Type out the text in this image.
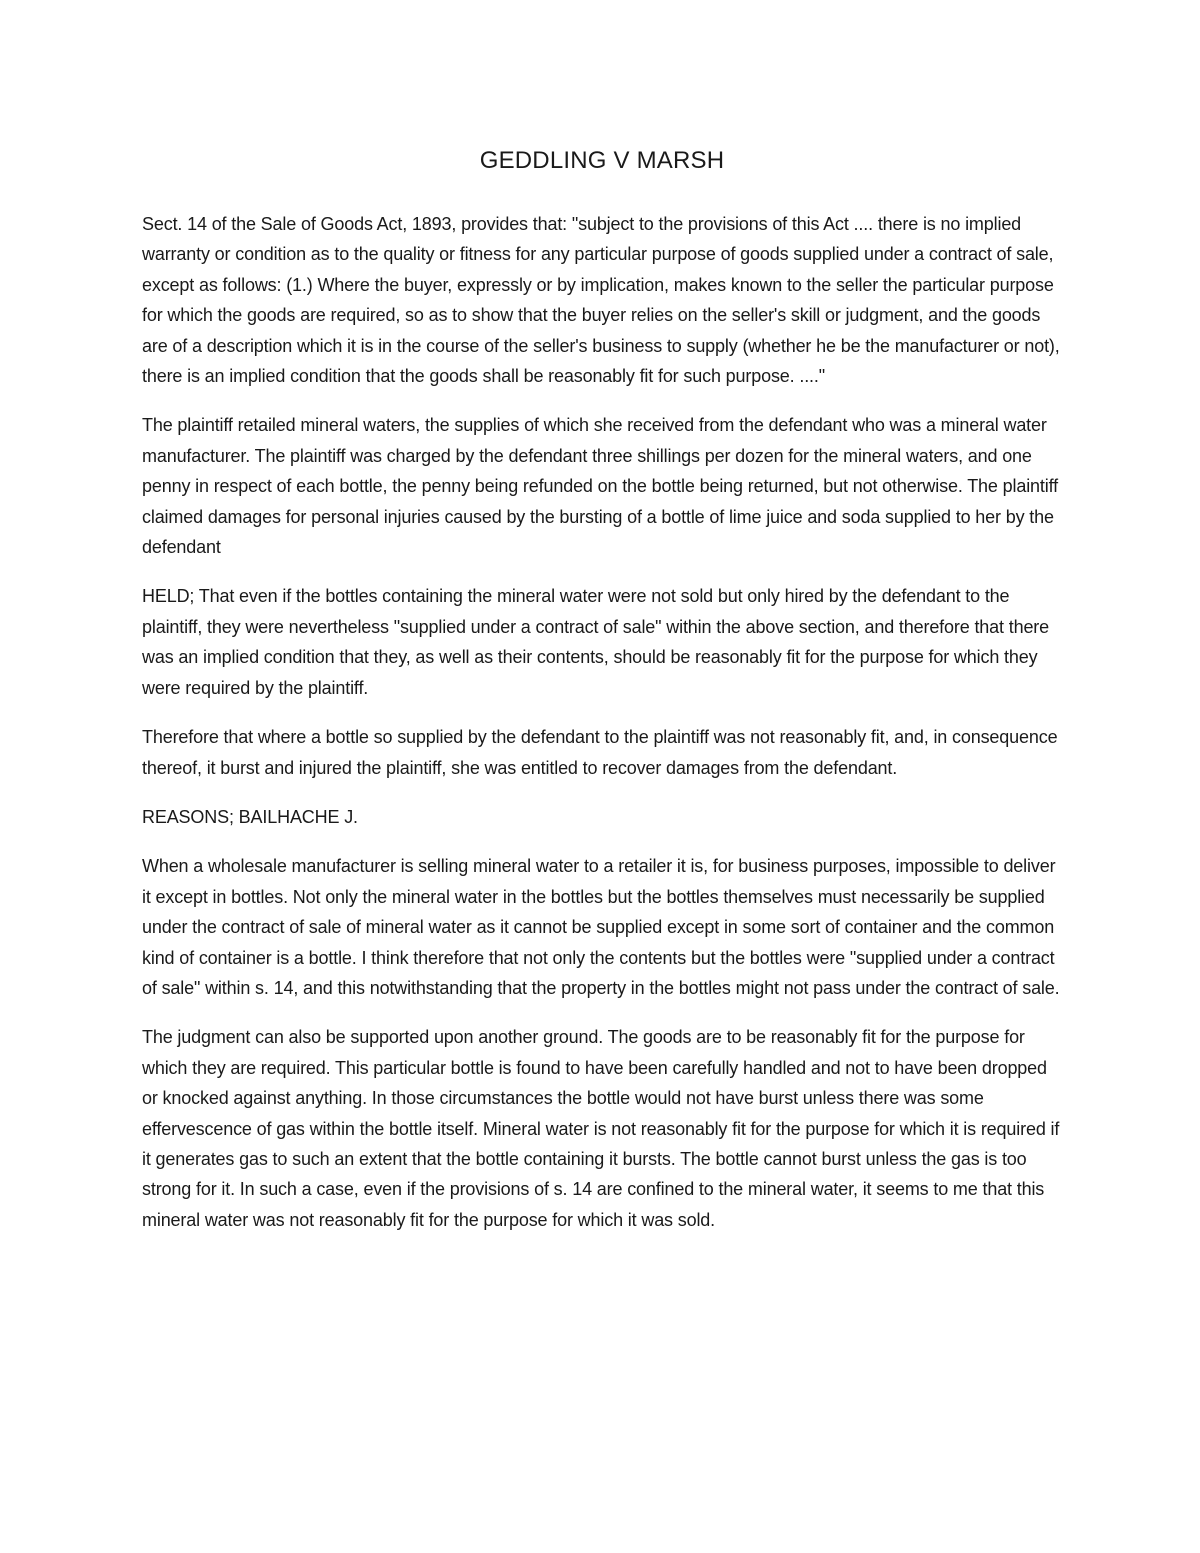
GEDDLING V MARSH

Sect. 14 of the Sale of Goods Act, 1893, provides that: "subject to the provisions of this Act .... there is no implied warranty or condition as to the quality or fitness for any particular purpose of goods supplied under a contract of sale, except as follows: (1.) Where the buyer, expressly or by implication, makes known to the seller the particular purpose for which the goods are required, so as to show that the buyer relies on the seller's skill or judgment, and the goods are of a description which it is in the course of the seller's business to supply (whether he be the manufacturer or not), there is an implied condition that the goods shall be reasonably fit for such purpose. ...."

The plaintiff retailed mineral waters, the supplies of which she received from the defendant who was a mineral water manufacturer. The plaintiff was charged by the defendant three shillings per dozen for the mineral waters, and one penny in respect of each bottle, the penny being refunded on the bottle being returned, but not otherwise. The plaintiff claimed damages for personal injuries caused by the bursting of a bottle of lime juice and soda supplied to her by the defendant

HELD; That even if the bottles containing the mineral water were not sold but only hired by the defendant to the plaintiff, they were nevertheless "supplied under a contract of sale" within the above section, and therefore that there was an implied condition that they, as well as their contents, should be reasonably fit for the purpose for which they were required by the plaintiff.

Therefore that where a bottle so supplied by the defendant to the plaintiff was not reasonably fit, and, in consequence thereof, it burst and injured the plaintiff, she was entitled to recover damages from the defendant.

REASONS; BAILHACHE J.

When a wholesale manufacturer is selling mineral water to a retailer it is, for business purposes, impossible to deliver it except in bottles. Not only the mineral water in the bottles but the bottles themselves must necessarily be supplied under the contract of sale of mineral water as it cannot be supplied except in some sort of container and the common kind of container is a bottle. I think therefore that not only the contents but the bottles were "supplied under a contract of sale" within s. 14, and this notwithstanding that the property in the bottles might not pass under the contract of sale.

The judgment can also be supported upon another ground. The goods are to be reasonably fit for the purpose for which they are required. This particular bottle is found to have been carefully handled and not to have been dropped or knocked against anything. In those circumstances the bottle would not have burst unless there was some effervescence of gas within the bottle itself. Mineral water is not reasonably fit for the purpose for which it is required if it generates gas to such an extent that the bottle containing it bursts. The bottle cannot burst unless the gas is too strong for it. In such a case, even if the provisions of s. 14 are confined to the mineral water, it seems to me that this mineral water was not reasonably fit for the purpose for which it was sold.
